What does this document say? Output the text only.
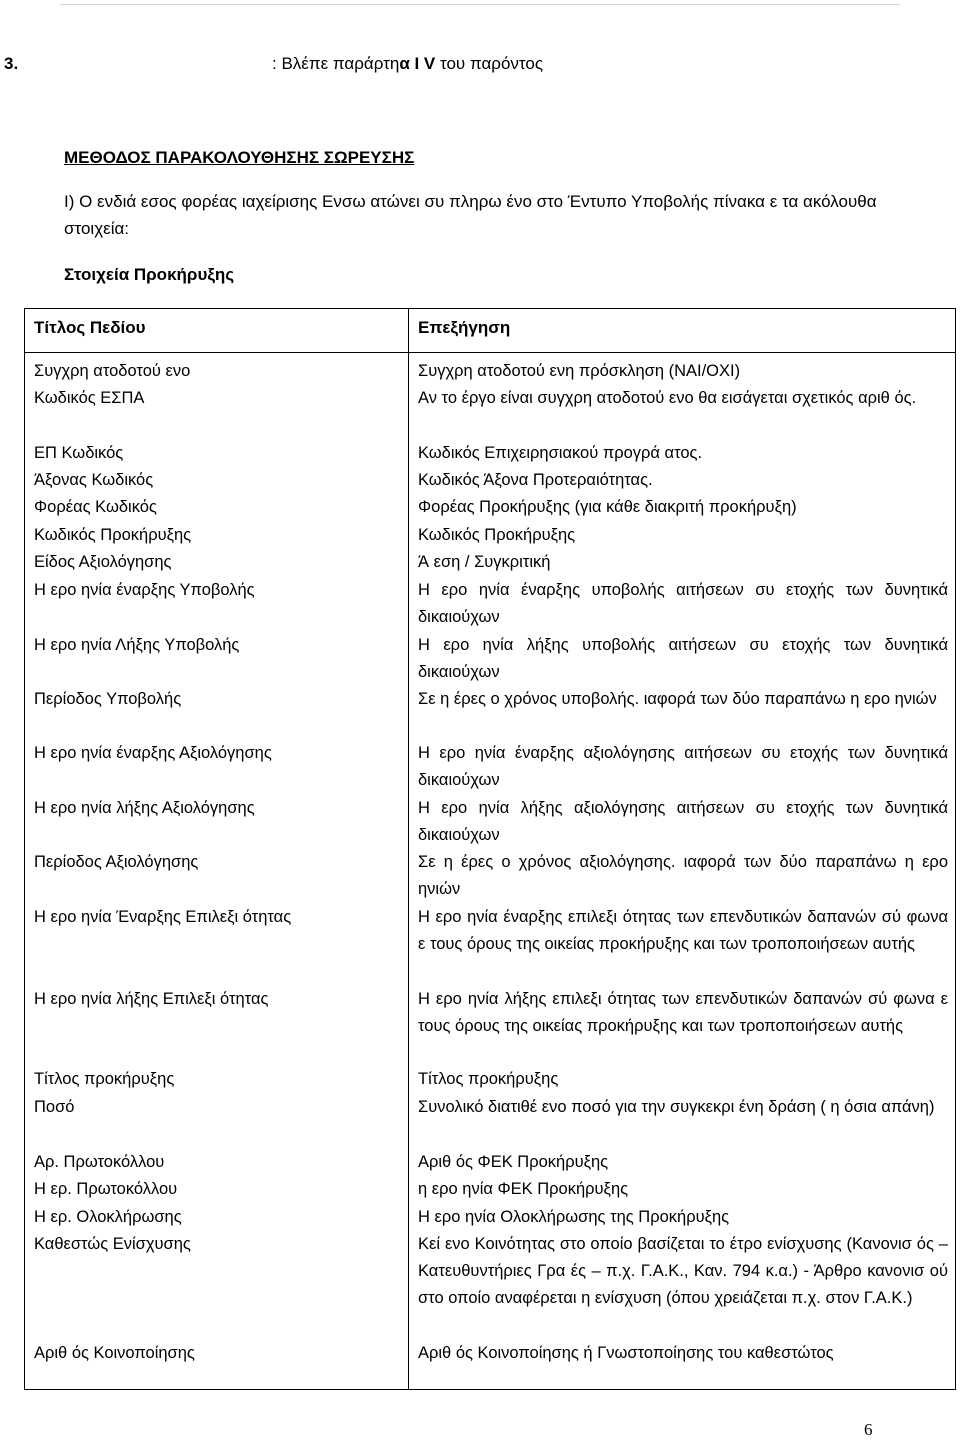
3.	: Βλέπε παράρτηα I V του παρόντος
ΜΕΘΟΔΟΣ ΠΑΡΑΚΟΛΟΥΘΗΣΗΣ ΣΩΡΕΥΣΗΣ
Ι) Ο ενδιά εσος φορέας ιαχείρισης Ενσω ατώνει συ πληρω ένο στο Έντυπο Υποβολής πίνακα ε τα ακόλουθα στοιχεία:
Στοιχεία Προκήρυξης
Τίτλος Πεδίου	Επεξήγηση
Συγχρη ατοδοτού ενο	Συγχρη ατοδοτού ενη πρόσκληση (ΝΑΙ/ΟΧΙ)
Κωδικός ΕΣΠΑ	Αν το έργο είναι συγχρη ατοδοτού ενο θα εισάγεται σχετικός αριθ ός.
ΕΠ Κωδικός	Κωδικός Επιχειρησιακού προγρά ατος.
Άξονας Κωδικός	Κωδικός Άξονα Προτεραιότητας.
Φορέας Κωδικός	Φορέας Προκήρυξης (για κάθε διακριτή προκήρυξη)
Κωδικός Προκήρυξης	Κωδικός Προκήρυξης
Είδος Αξιολόγησης	Ά εση / Συγκριτική
Η ερο ηνία έναρξης Υποβολής	Η ερο ηνία έναρξης υποβολής αιτήσεων συ ετοχής των δυνητικά δικαιούχων
Η ερο ηνία Λήξης Υποβολής	Η ερο ηνία λήξης υποβολής αιτήσεων συ ετοχής των δυνητικά δικαιούχων
Περίοδος Υποβολής	Σε η έρες ο χρόνος υποβολής. ιαφορά των δύο παραπάνω η ερο ηνιών
Η ερο ηνία έναρξης Αξιολόγησης	Η ερο ηνία έναρξης αξιολόγησης αιτήσεων συ ετοχής των δυνητικά δικαιούχων
Η ερο ηνία λήξης Αξιολόγησης	Η ερο ηνία λήξης αξιολόγησης αιτήσεων συ ετοχής των δυνητικά δικαιούχων
Περίοδος Αξιολόγησης	Σε η έρες ο χρόνος αξιολόγησης. ιαφορά των δύο παραπάνω η ερο ηνιών
Η ερο ηνία Έναρξης Επιλεξι ότητας	Η ερο ηνία έναρξης επιλεξι ότητας των επενδυτικών δαπανών σύ φωνα ε τους όρους της οικείας προκήρυξης και των τροποποιήσεων αυτής
Η ερο ηνία λήξης Επιλεξι ότητας	Η ερο ηνία λήξης επιλεξι ότητας των επενδυτικών δαπανών σύ φωνα ε τους όρους της οικείας προκήρυξης και των τροποποιήσεων αυτής
Τίτλος προκήρυξης	Τίτλος προκήρυξης
Ποσό	Συνολικό διατιθέ ενο ποσό για την συγκεκρι ένη δράση ( η όσια απάνη)
Αρ. Πρωτοκόλλου	Αριθ ός ΦΕΚ Προκήρυξης
Η ερ. Πρωτοκόλλου	η ερο ηνία ΦΕΚ Προκήρυξης
Η ερ. Ολοκλήρωσης	Η ερο ηνία Ολοκλήρωσης της Προκήρυξης
Καθεστώς Ενίσχυσης	Κεί ενο Κοινότητας στο οποίο βασίζεται το έτρο ενίσχυσης (Κανονισ ός – Κατευθυντήριες Γρα ές – π.χ. Γ.Α.Κ., Καν. 794 κ.α.) - Άρθρο κανονισ ού στο οποίο αναφέρεται η ενίσχυση (όπου χρειάζεται π.χ. στον Γ.Α.Κ.)
Αριθ ός Κοινοποίησης	Αριθ ός Κοινοποίησης ή Γνωστοποίησης του καθεστώτος
6
